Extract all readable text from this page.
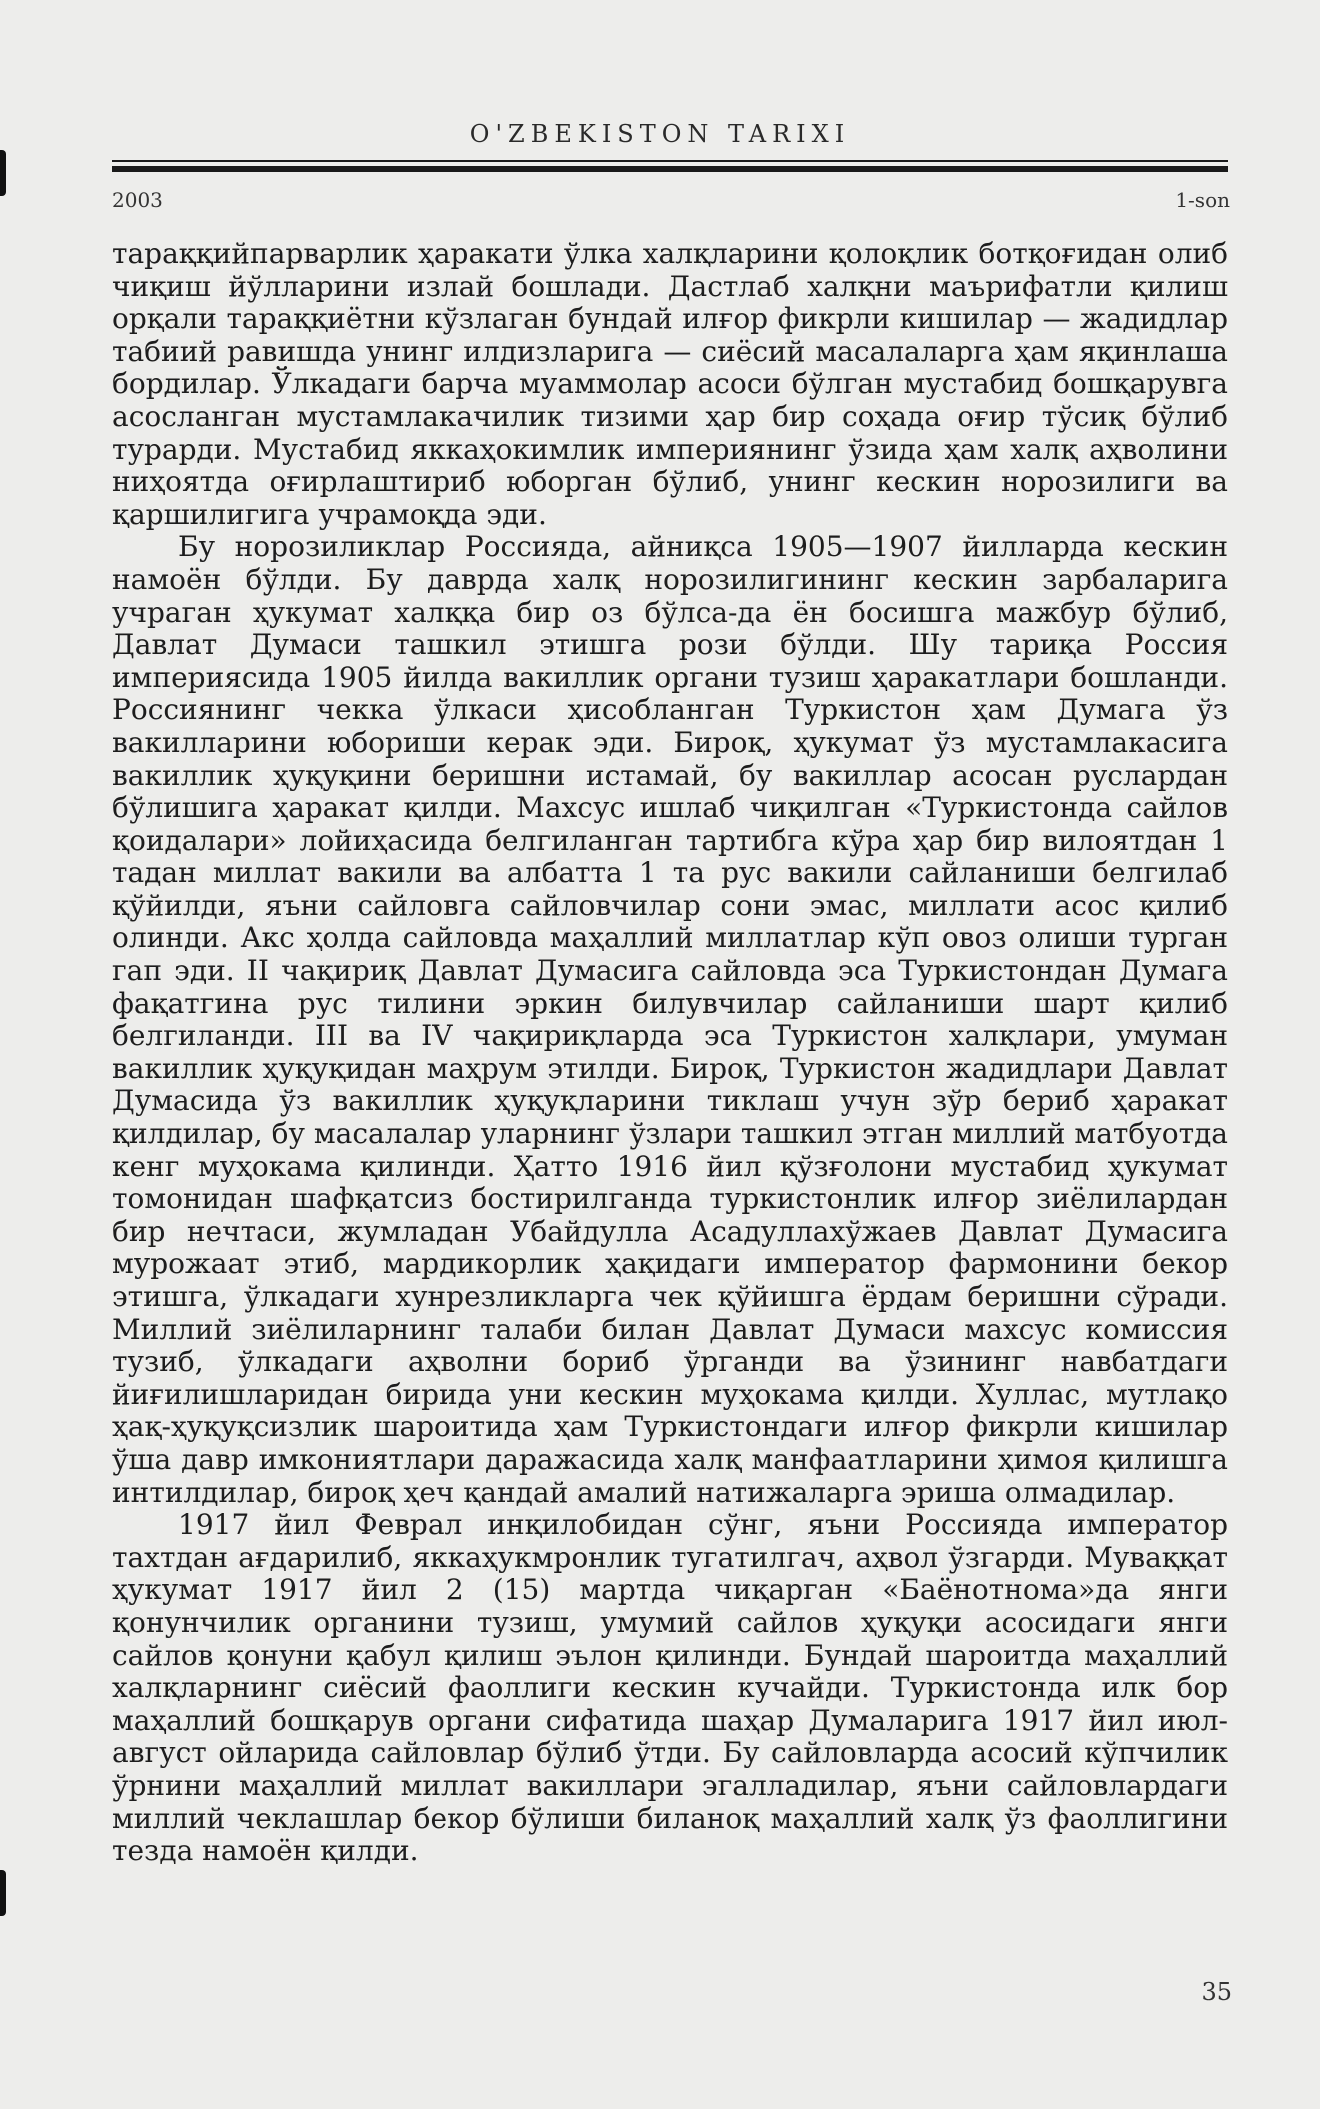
O'ZBEKISTON TARIXI
2003	1-son

тараққийпарварлик ҳаракати ўлка халқларини қолоқлик ботқоғидан олиб чиқиш йўлларини излай бошлади. Дастлаб халқни маърифатли қилиш орқали тараққиётни кўзлаган бундай илғор фикрли кишилар — жадидлар табиий равишда унинг илдизларига — сиёсий масалаларга ҳам яқинлаша бордилар. Ўлкадаги барча муаммолар асоси бўлган мустабид бошқарувга асосланган мустамлакачилик тизими ҳар бир соҳада оғир тўсиқ бўлиб турарди. Мустабид яккаҳокимлик империянинг ўзида ҳам халқ аҳволини ниҳоятда оғирлаштириб юборган бўлиб, унинг кескин норозилиги ва қаршилигига учрамоқда эди.

Бу норозиликлар Россияда, айниқса 1905—1907 йилларда кескин намоён бўлди. Бу даврда халқ норозилигининг кескин зарбаларига учраган ҳукумат халққа бир оз бўлса-да ён босишга мажбур бўлиб, Давлат Думаси ташкил этишга рози бўлди. Шу тариқа Россия империясида 1905 йилда вакиллик органи тузиш ҳаракатлари бошланди. Россиянинг чекка ўлкаси ҳисобланган Туркистон ҳам Думага ўз вакилларини юбориши керак эди. Бироқ, ҳукумат ўз мустамлакасига вакиллик ҳуқуқини беришни истамай, бу вакиллар асосан руслардан бўлишига ҳаракат қилди. Махсус ишлаб чиқилган «Туркистонда сайлов қоидалари» лойиҳасида белгиланган тартибга кўра ҳар бир вилоятдан 1 тадан миллат вакили ва албатта 1 та рус вакили сайланиши белгилаб қўйилди, яъни сайловга сайловчилар сони эмас, миллати асос қилиб олинди. Акс ҳолда сайловда маҳаллий миллатлар кўп овоз олиши турган гап эди. II чақириқ Давлат Думасига сайловда эса Туркистондан Думага фақатгина рус тилини эркин билувчилар сайланиши шарт қилиб белгиланди. III ва IV чақириқларда эса Туркистон халқлари, умуман вакиллик ҳуқуқидан маҳрум этилди. Бироқ, Туркистон жадидлари Давлат Думасида ўз вакиллик ҳуқуқларини тиклаш учун зўр бериб ҳаракат қилдилар, бу масалалар уларнинг ўзлари ташкил этган миллий матбуотда кенг муҳокама қилинди. Ҳатто 1916 йил қўзғолони мустабид ҳукумат томонидан шафқатсиз бостирилганда туркистонлик илғор зиёлилардан бир нечтаси, жумладан Убайдулла Асадуллахўжаев Давлат Думасига мурожаат этиб, мардикорлик ҳақидаги император фармонини бекор этишга, ўлкадаги хунрезликларга чек қўйишга ёрдам беришни сўради. Миллий зиёлиларнинг талаби билан Давлат Думаси махсус комиссия тузиб, ўлкадаги аҳволни бориб ўрганди ва ўзининг навбатдаги йиғилишларидан бирида уни кескин муҳокама қилди. Хуллас, мутлақо ҳақ-ҳуқуқсизлик шароитида ҳам Туркистондаги илғор фикрли кишилар ўша давр имкониятлари даражасида халқ манфаатларини ҳимоя қилишга интилдилар, бироқ ҳеч қандай амалий натижаларга эриша олмадилар.

1917 йил Феврал инқилобидан сўнг, яъни Россияда император тахтдан ағдарилиб, яккаҳукмронлик тугатилгач, аҳвол ўзгарди. Муваққат ҳукумат 1917 йил 2 (15) мартда чиқарган «Баёнотнома»да янги қонунчилик органини тузиш, умумий сайлов ҳуқуқи асосидаги янги сайлов қонуни қабул қилиш эълон қилинди. Бундай шароитда маҳаллий халқларнинг сиёсий фаоллиги кескин кучайди. Туркистонда илк бор маҳаллий бошқарув органи сифатида шаҳар Думаларига 1917 йил июл-август ойларида сайловлар бўлиб ўтди. Бу сайловларда асосий кўпчилик ўрнини маҳаллий миллат вакиллари эгалладилар, яъни сайловлардаги миллий чеклашлар бекор бўлиши биланоқ маҳаллий халқ ўз фаоллигини тезда намоён қилди.

35
